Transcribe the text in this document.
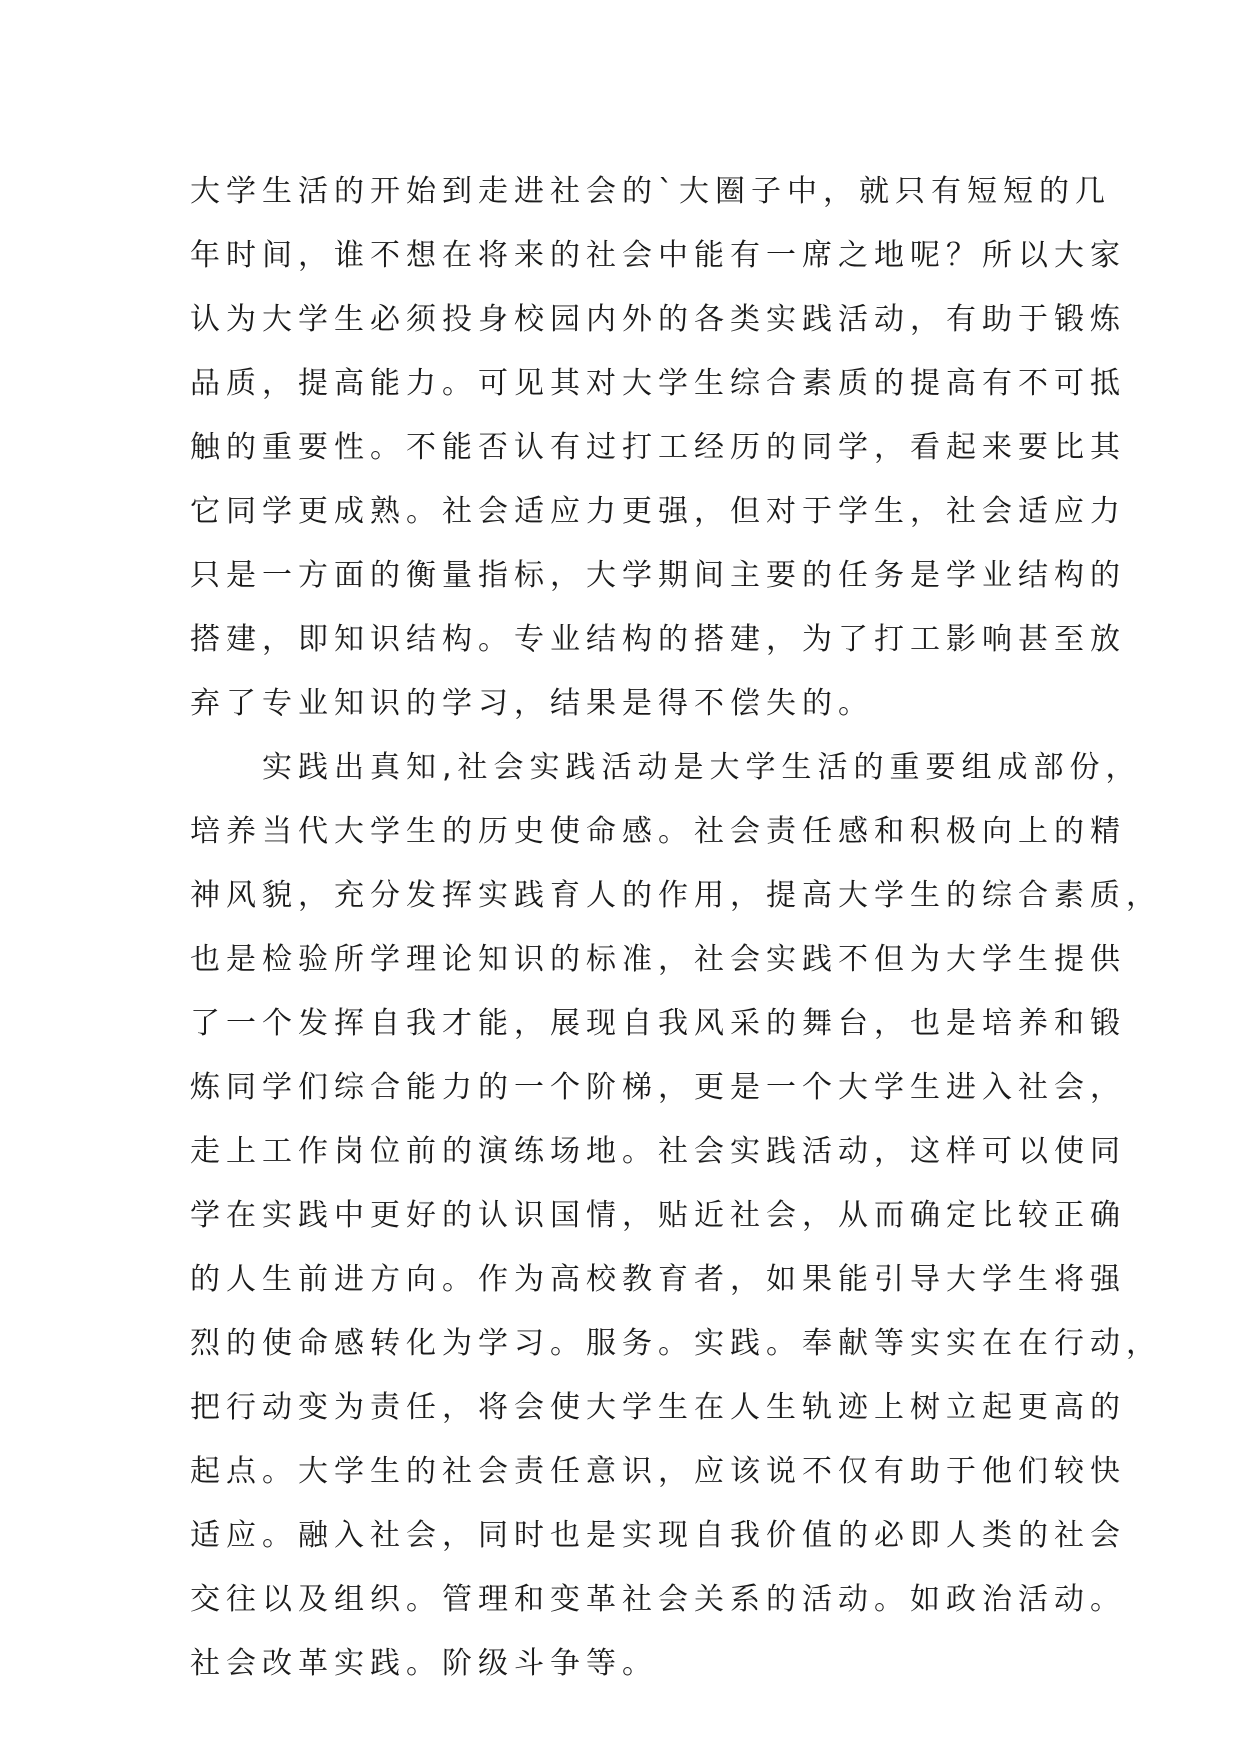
大学生活的开始到走进社会的`大圈子中，就只有短短的几
年时间，谁不想在将来的社会中能有一席之地呢？所以大家
认为大学生必须投身校园内外的各类实践活动，有助于锻炼
品质，提高能力。可见其对大学生综合素质的提高有不可抵
触的重要性。不能否认有过打工经历的同学，看起来要比其
它同学更成熟。社会适应力更强，但对于学生，社会适应力
只是一方面的衡量指标，大学期间主要的任务是学业结构的
搭建，即知识结构。专业结构的搭建，为了打工影响甚至放
弃了专业知识的学习，结果是得不偿失的。
　　实践出真知,社会实践活动是大学生活的重要组成部份，
培养当代大学生的历史使命感。社会责任感和积极向上的精
神风貌，充分发挥实践育人的作用，提高大学生的综合素质，
也是检验所学理论知识的标准，社会实践不但为大学生提供
了一个发挥自我才能，展现自我风采的舞台，也是培养和锻
炼同学们综合能力的一个阶梯，更是一个大学生进入社会，
走上工作岗位前的演练场地。社会实践活动，这样可以使同
学在实践中更好的认识国情，贴近社会，从而确定比较正确
的人生前进方向。作为高校教育者，如果能引导大学生将强
烈的使命感转化为学习。服务。实践。奉献等实实在在行动，
把行动变为责任，将会使大学生在人生轨迹上树立起更高的
起点。大学生的社会责任意识，应该说不仅有助于他们较快
适应。融入社会，同时也是实现自我价值的必即人类的社会
交往以及组织。管理和变革社会关系的活动。如政治活动。
社会改革实践。阶级斗争等。
